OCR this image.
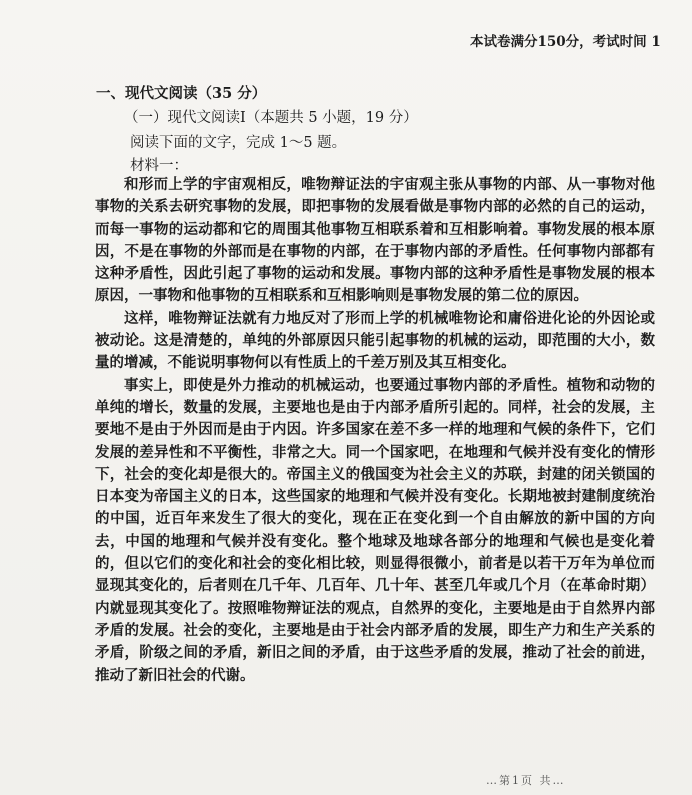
本试卷满分150分，考试时间 1
一、现代文阅读（35 分）
（一）现代文阅读Ⅰ（本题共 5 小题，19 分）
阅读下面的文字，完成 1～5 题。
材料一：

和形而上学的宇宙观相反，唯物辩证法的宇宙观主张从事物的内部、从一事物对他事物的关系去研究事物的发展，即把事物的发展看做是事物内部的必然的自己的运动，而每一事物的运动都和它的周围其他事物互相联系着和互相影响着。事物发展的根本原因，不是在事物的外部而是在事物的内部，在于事物内部的矛盾性。任何事物内部都有这种矛盾性，因此引起了事物的运动和发展。事物内部的这种矛盾性是事物发展的根本原因，一事物和他事物的互相联系和互相影响则是事物发展的第二位的原因。

这样，唯物辩证法就有力地反对了形而上学的机械唯物论和庸俗进化论的外因论或被动论。这是清楚的，单纯的外部原因只能引起事物的机械的运动，即范围的大小，数量的增减，不能说明事物何以有性质上的千差万别及其互相变化。

事实上，即使是外力推动的机械运动，也要通过事物内部的矛盾性。植物和动物的单纯的增长，数量的发展，主要地也是由于内部矛盾所引起的。同样，社会的发展，主要地不是由于外因而是由于内因。许多国家在差不多一样的地理和气候的条件下，它们发展的差异性和不平衡性，非常之大。同一个国家吧，在地理和气候并没有变化的情形下，社会的变化却是很大的。帝国主义的俄国变为社会主义的苏联，封建的闭关锁国的日本变为帝国主义的日本，这些国家的地理和气候并没有变化。长期地被封建制度统治的中国，近百年来发生了很大的变化，现在正在变化到一个自由解放的新中国的方向去，中国的地理和气候并没有变化。整个地球及地球各部分的地理和气候也是变化着的，但以它们的变化和社会的变化相比较，则显得很微小，前者是以若干万年为单位而显现其变化的，后者则在几千年、几百年、几十年、甚至几年或几个月（在革命时期）内就显现其变化了。按照唯物辩证法的观点，自然界的变化，主要地是由于自然界内部矛盾的发展。社会的变化，主要地是由于社会内部矛盾的发展，即生产力和生产关系的矛盾，阶级之间的矛盾，新旧之间的矛盾，由于这些矛盾的发展，推动了社会的前进，推动了新旧社会的代谢。

…第1页 共…
